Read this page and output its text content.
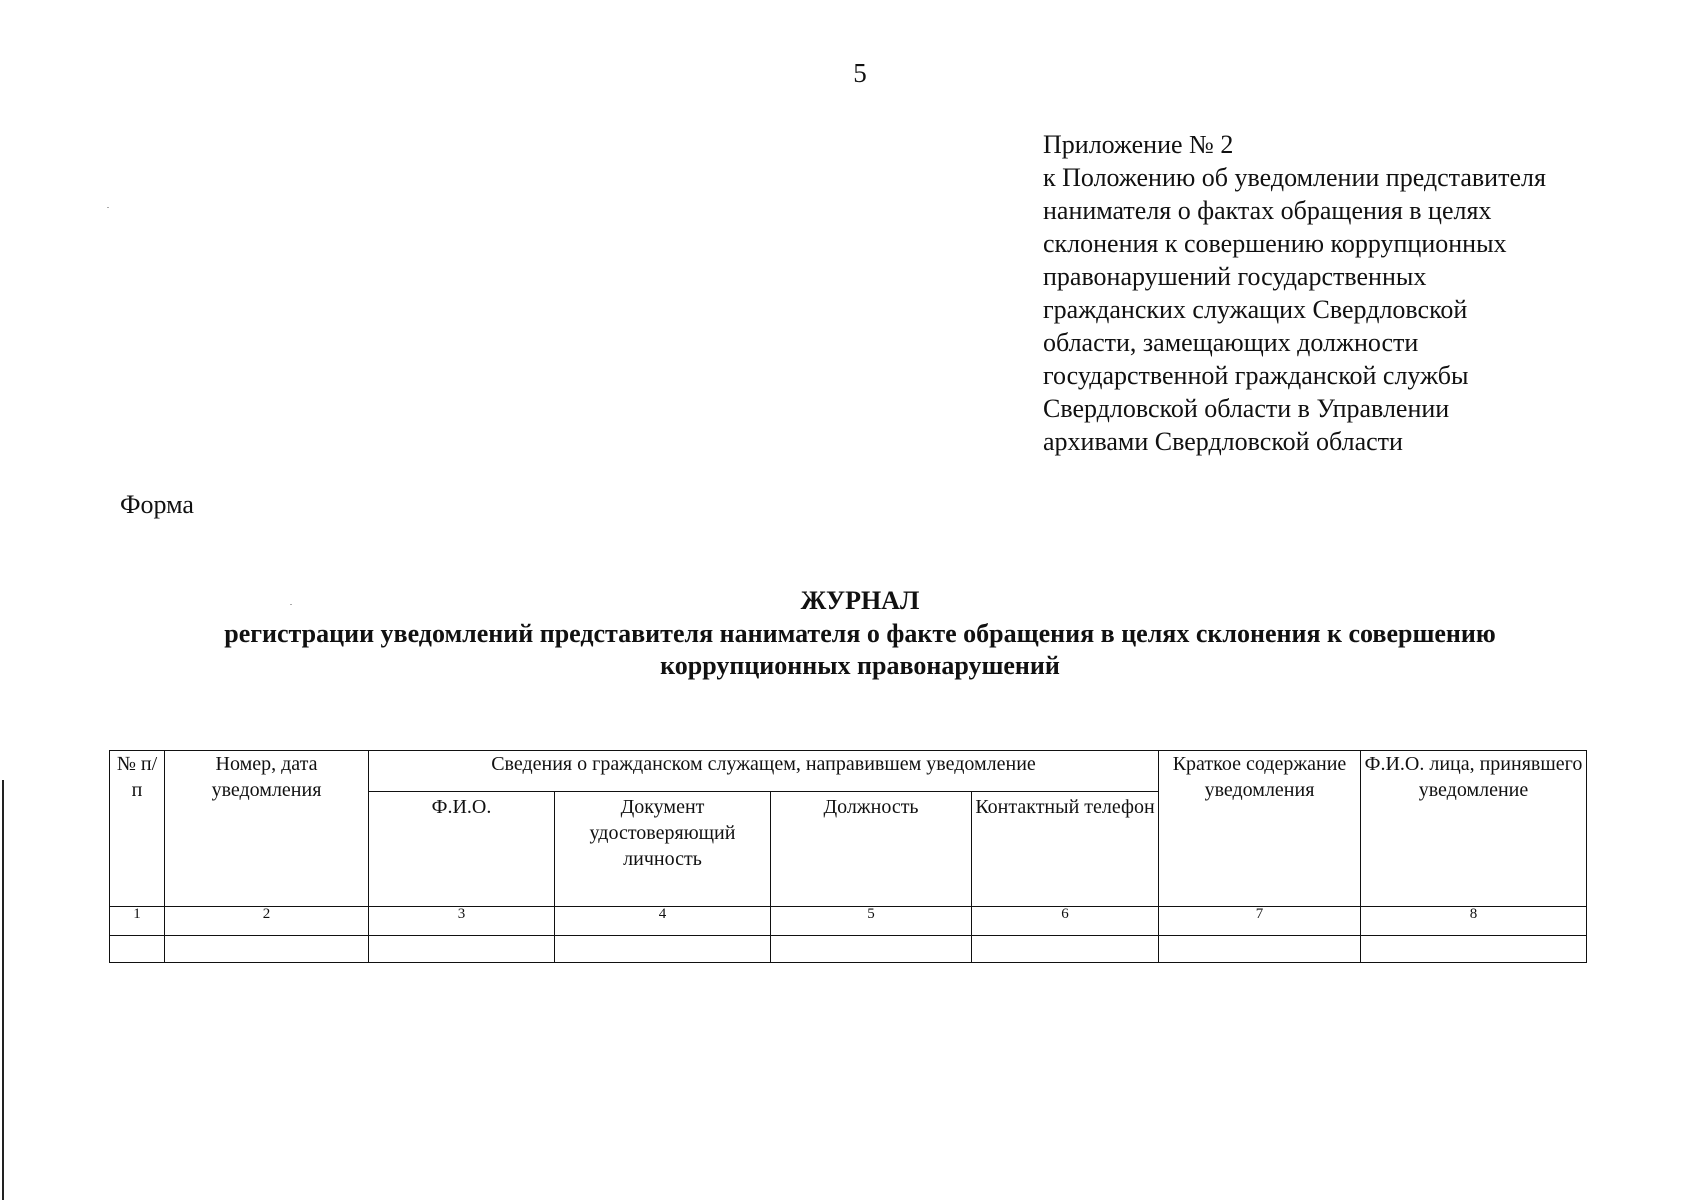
5
Приложение № 2
к Положению об уведомлении представителя
нанимателя о фактах обращения в целях
склонения к совершению коррупционных
правонарушений государственных
гражданских служащих Свердловской
области, замещающих должности
государственной гражданской службы
Свердловской области в Управлении
архивами Свердловской области
Форма
ЖУРНАЛ
регистрации уведомлений представителя нанимателя о факте обращения в целях склонения к совершению коррупционных правонарушений
№ п/п	Номер, дата уведомления	Сведения о гражданском служащем, направившем уведомление				Краткое содержание уведомления	Ф.И.О. лица, принявшего уведомление
		Ф.И.О.	Документ удостоверяющий личность	Должность	Контактный телефон		
1	2	3	4	5	6	7	8
